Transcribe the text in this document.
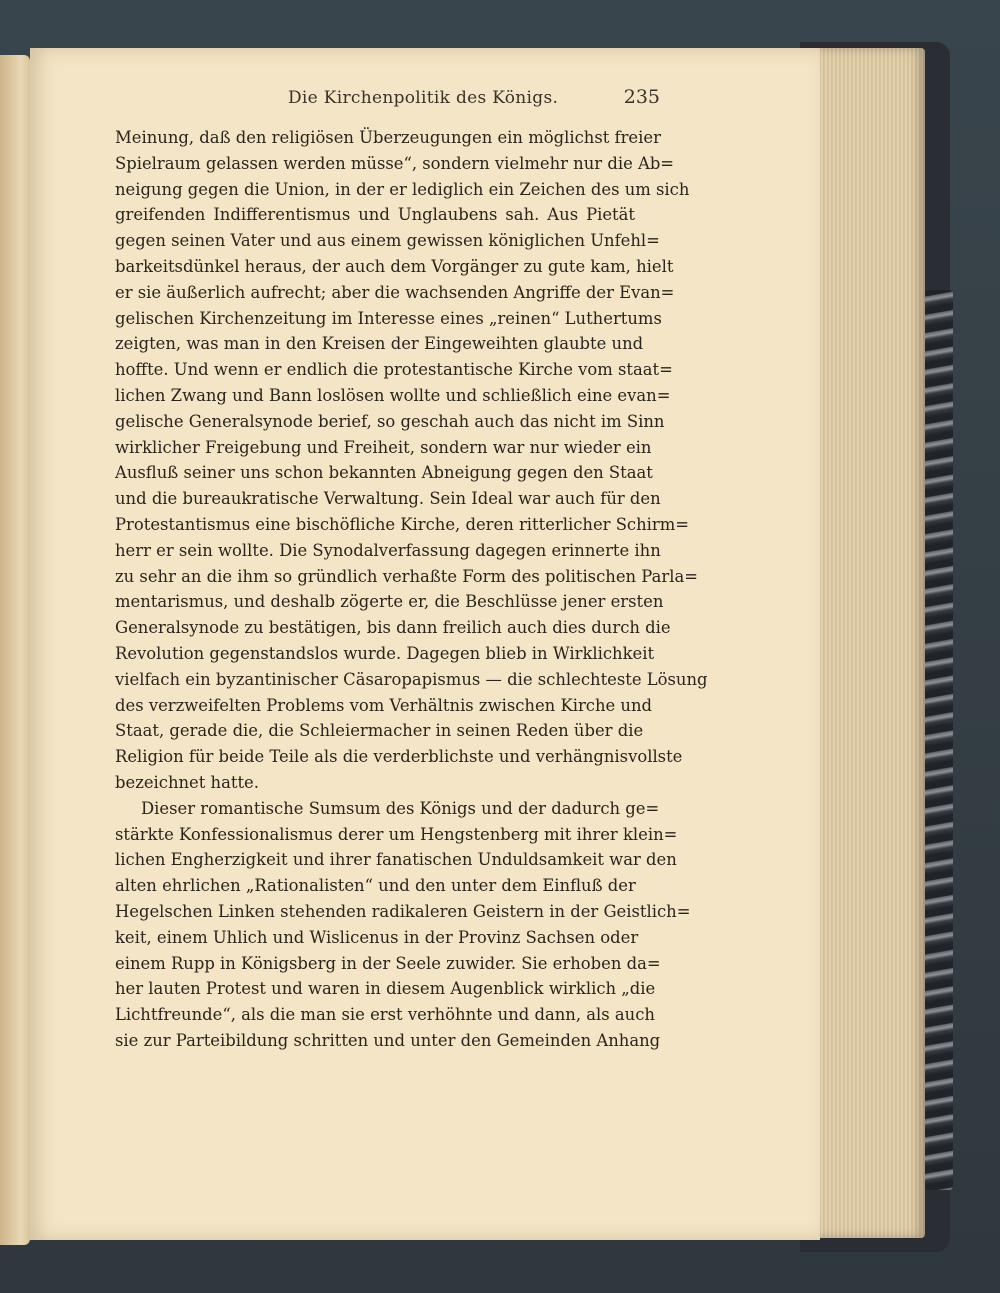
Die Kirchenpolitik des Königs.	235
Meinung, daß den religiösen Überzeugungen ein möglichst freier
Spielraum gelassen werden müsse“, sondern vielmehr nur die Ab=
neigung gegen die Union, in der er lediglich ein Zeichen des um sich
greifenden Indifferentismus und Unglaubens sah. Aus Pietät
gegen seinen Vater und aus einem gewissen königlichen Unfehl=
barkeitsdünkel heraus, der auch dem Vorgänger zu gute kam, hielt
er sie äußerlich aufrecht; aber die wachsenden Angriffe der Evan=
gelischen Kirchenzeitung im Interesse eines „reinen“ Luthertums
zeigten, was man in den Kreisen der Eingeweihten glaubte und
hoffte. Und wenn er endlich die protestantische Kirche vom staat=
lichen Zwang und Bann loslösen wollte und schließlich eine evan=
gelische Generalsynode berief, so geschah auch das nicht im Sinn
wirklicher Freigebung und Freiheit, sondern war nur wieder ein
Ausfluß seiner uns schon bekannten Abneigung gegen den Staat
und die bureaukratische Verwaltung. Sein Ideal war auch für den
Protestantismus eine bischöfliche Kirche, deren ritterlicher Schirm=
herr er sein wollte. Die Synodalverfassung dagegen erinnerte ihn
zu sehr an die ihm so gründlich verhaßte Form des politischen Parla=
mentarismus, und deshalb zögerte er, die Beschlüsse jener ersten
Generalsynode zu bestätigen, bis dann freilich auch dies durch die
Revolution gegenstandslos wurde. Dagegen blieb in Wirklichkeit
vielfach ein byzantinischer Cäsaropapismus — die schlechteste Lösung
des verzweifelten Problems vom Verhältnis zwischen Kirche und
Staat, gerade die, die Schleiermacher in seinen Reden über die
Religion für beide Teile als die verderblichste und verhängnisvollste
bezeichnet hatte.
Dieser romantische Sumsum des Königs und der dadurch ge=
stärkte Konfessionalismus derer um Hengstenberg mit ihrer klein=
lichen Engherzigkeit und ihrer fanatischen Unduldsamkeit war den
alten ehrlichen „Rationalisten“ und den unter dem Einfluß der
Hegelschen Linken stehenden radikaleren Geistern in der Geistlich=
keit, einem Uhlich und Wislicenus in der Provinz Sachsen oder
einem Rupp in Königsberg in der Seele zuwider. Sie erhoben da=
her lauten Protest und waren in diesem Augenblick wirklich „die
Lichtfreunde“, als die man sie erst verhöhnte und dann, als auch
sie zur Parteibildung schritten und unter den Gemeinden Anhang
